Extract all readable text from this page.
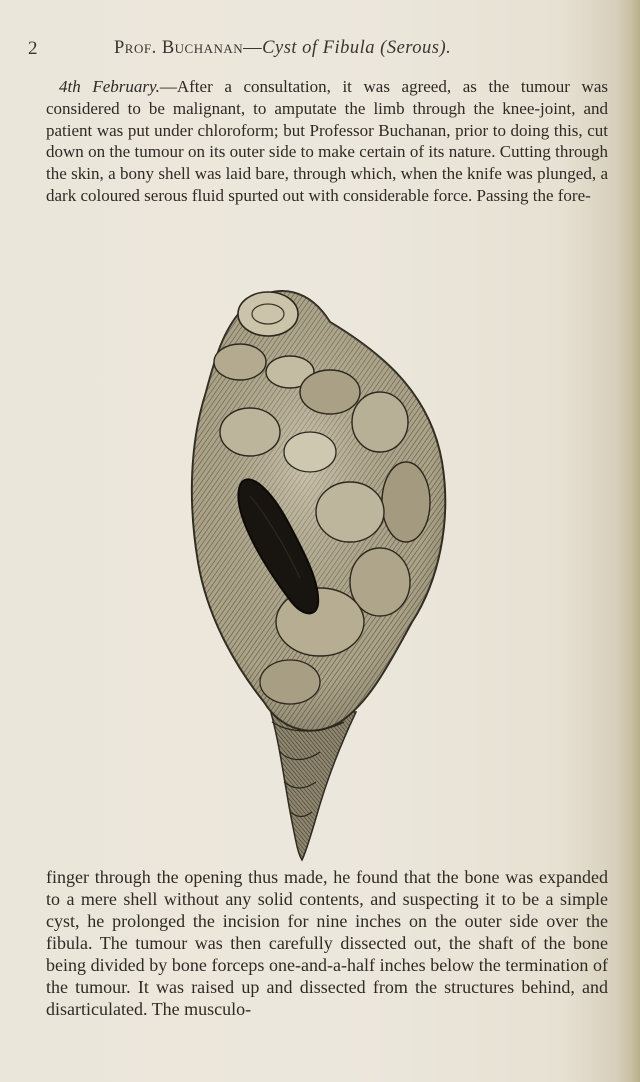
2	Prof. Buchanan—Cyst of Fibula (Serous).

4th February.—After a consultation, it was agreed, as the tumour was considered to be malignant, to amputate the limb through the knee-joint, and patient was put under chloroform; but Professor Buchanan, prior to doing this, cut down on the tumour on its outer side to make certain of its nature. Cutting through the skin, a bony shell was laid bare, through which, when the knife was plunged, a dark coloured serous fluid spurted out with considerable force. Passing the fore-

finger through the opening thus made, he found that the bone was expanded to a mere shell without any solid contents, and suspecting it to be a simple cyst, he prolonged the incision for nine inches on the outer side over the fibula. The tumour was then carefully dissected out, the shaft of the bone being divided by bone forceps one-and-a-half inches below the termination of the tumour. It was raised up and dissected from the structures behind, and disarticulated. The musculo-
